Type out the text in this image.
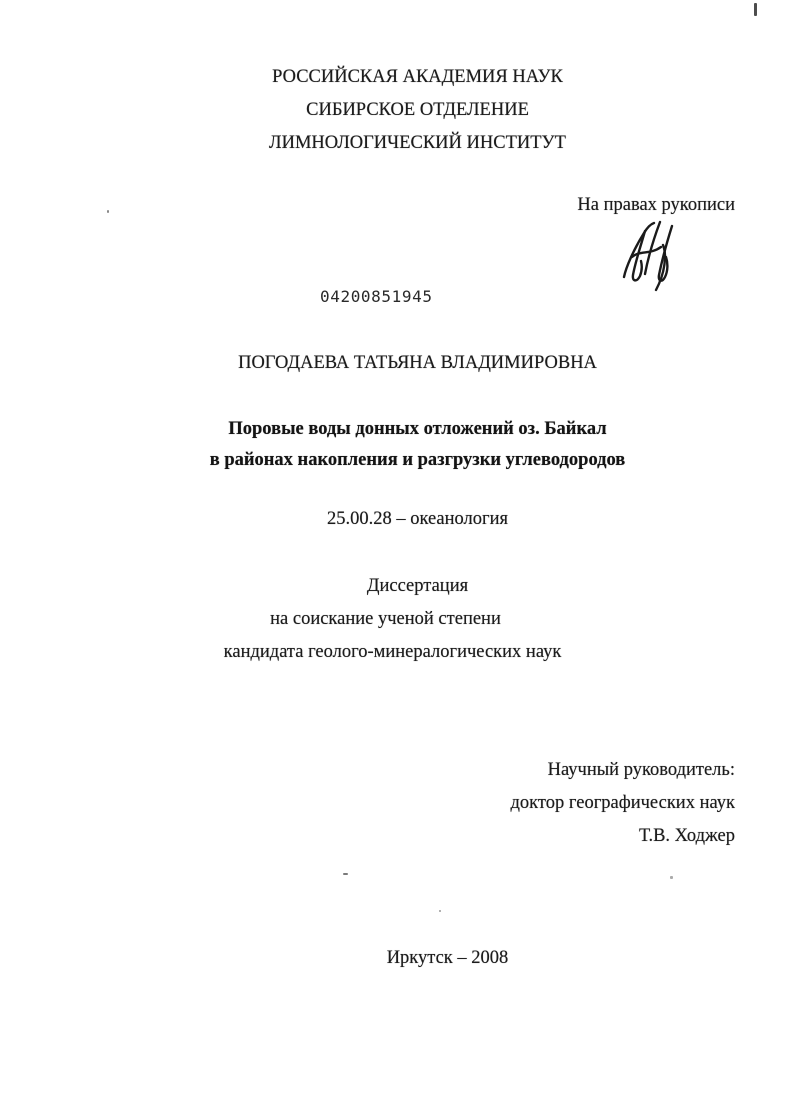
РОССИЙСКАЯ АКАДЕМИЯ НАУК
СИБИРСКОЕ ОТДЕЛЕНИЕ
ЛИМНОЛОГИЧЕСКИЙ ИНСТИТУТ
На правах рукописи
04200851945
ПОГОДАЕВА ТАТЬЯНА ВЛАДИМИРОВНА
Поровые воды донных отложений оз. Байкал
в районах накопления и разгрузки углеводородов
25.00.28 – океанология
Диссертация
на соискание ученой степени
кандидата геолого-минералогических наук
Научный руководитель:
доктор географических наук
Т.В. Ходжер
Иркутск – 2008
